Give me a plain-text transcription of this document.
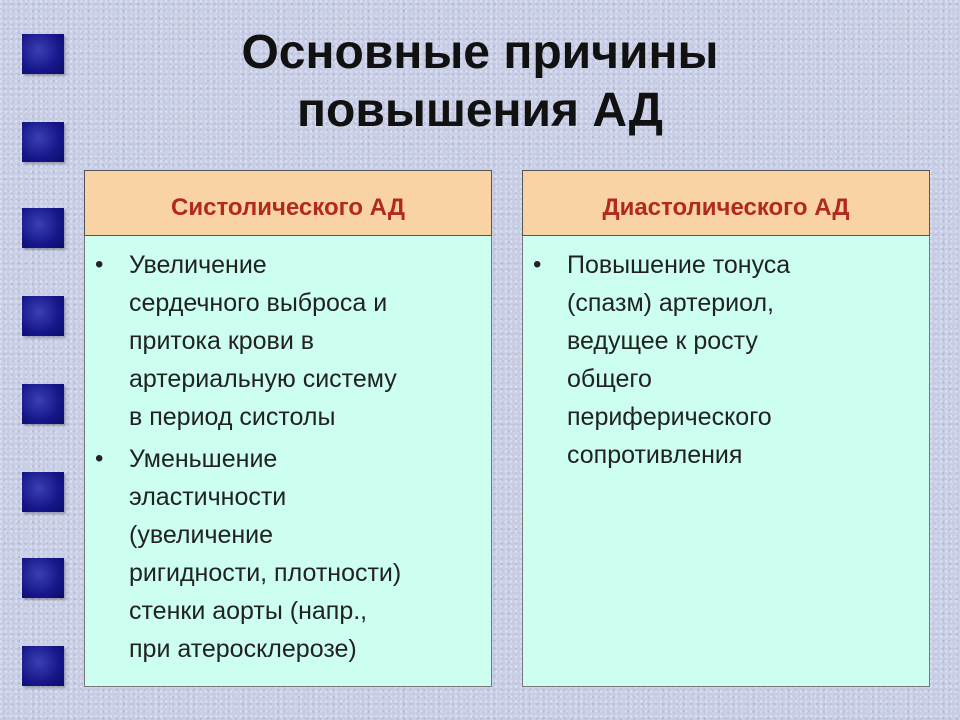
Основные причины
повышения АД
Систолического АД
•	Увеличение
сердечного выброса и
притока крови в
артериальную систему
в период систолы
•	Уменьшение
эластичности
(увеличение
ригидности, плотности)
стенки аорты (напр.,
при атеросклерозе)
Диастолического АД
•	Повышение тонуса
(спазм) артериол,
ведущее к росту
общего
периферического
сопротивления
